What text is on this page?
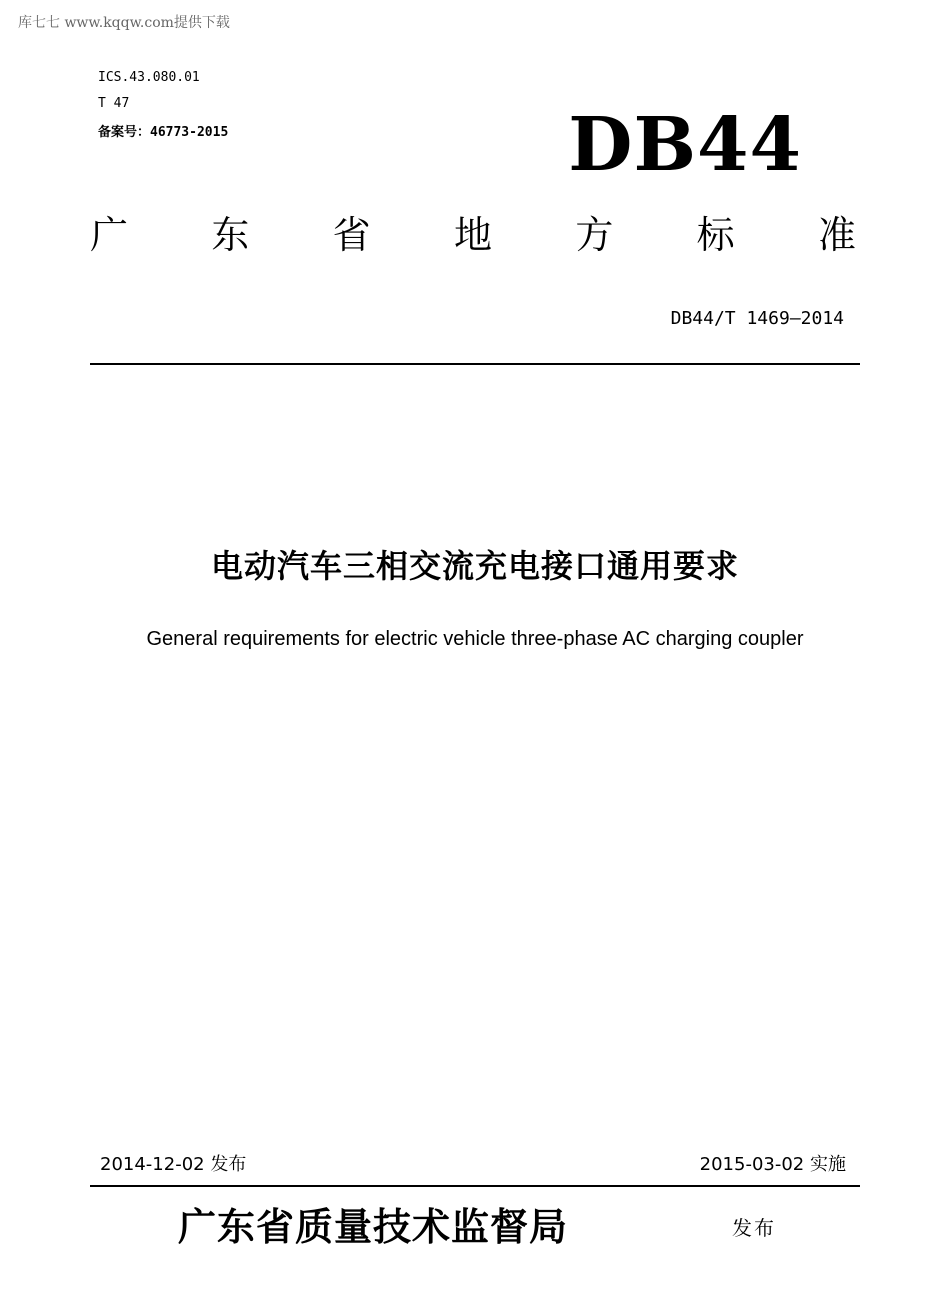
库七七 www.kqqw.com提供下载
ICS.43.080.01
T 47
备案号：46773-2015	DB44
广 东 省 地 方 标 准
DB44/T 1469—2014
电动汽车三相交流充电接口通用要求
General requirements for electric vehicle three-phase AC charging coupler
2014-12-02 发布	2015-03-02 实施
广东省质量技术监督局	发布
